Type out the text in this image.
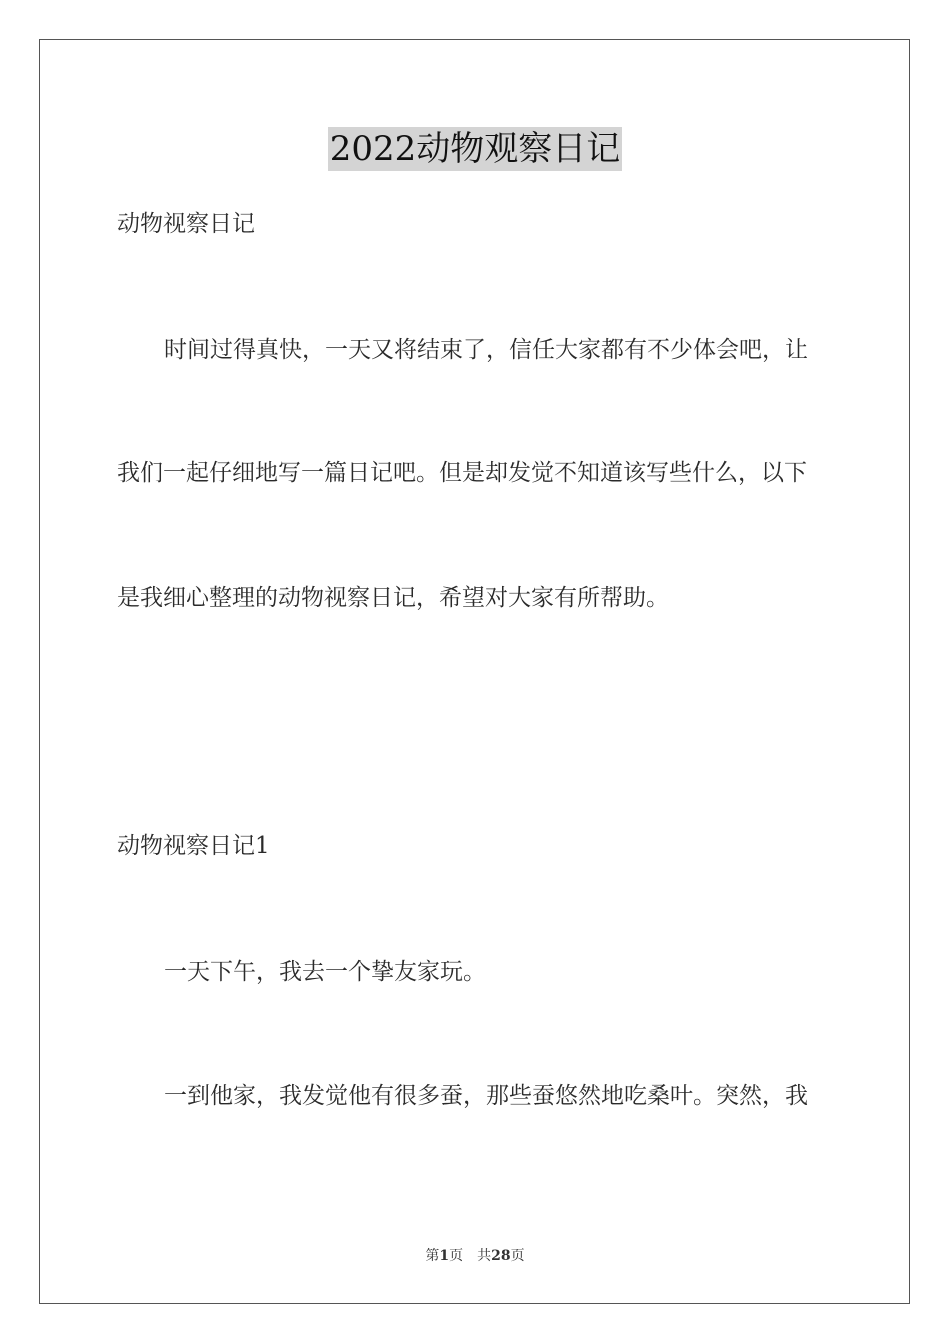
2022动物观察日记
动物视察日记
时间过得真快，一天又将结束了，信任大家都有不少体会吧，让
我们一起仔细地写一篇日记吧。但是却发觉不知道该写些什么，以下
是我细心整理的动物视察日记，希望对大家有所帮助。
动物视察日记1
一天下午，我去一个挚友家玩。
一到他家，我发觉他有很多蚕，那些蚕悠然地吃桑叶。突然，我
第1页 共28页
